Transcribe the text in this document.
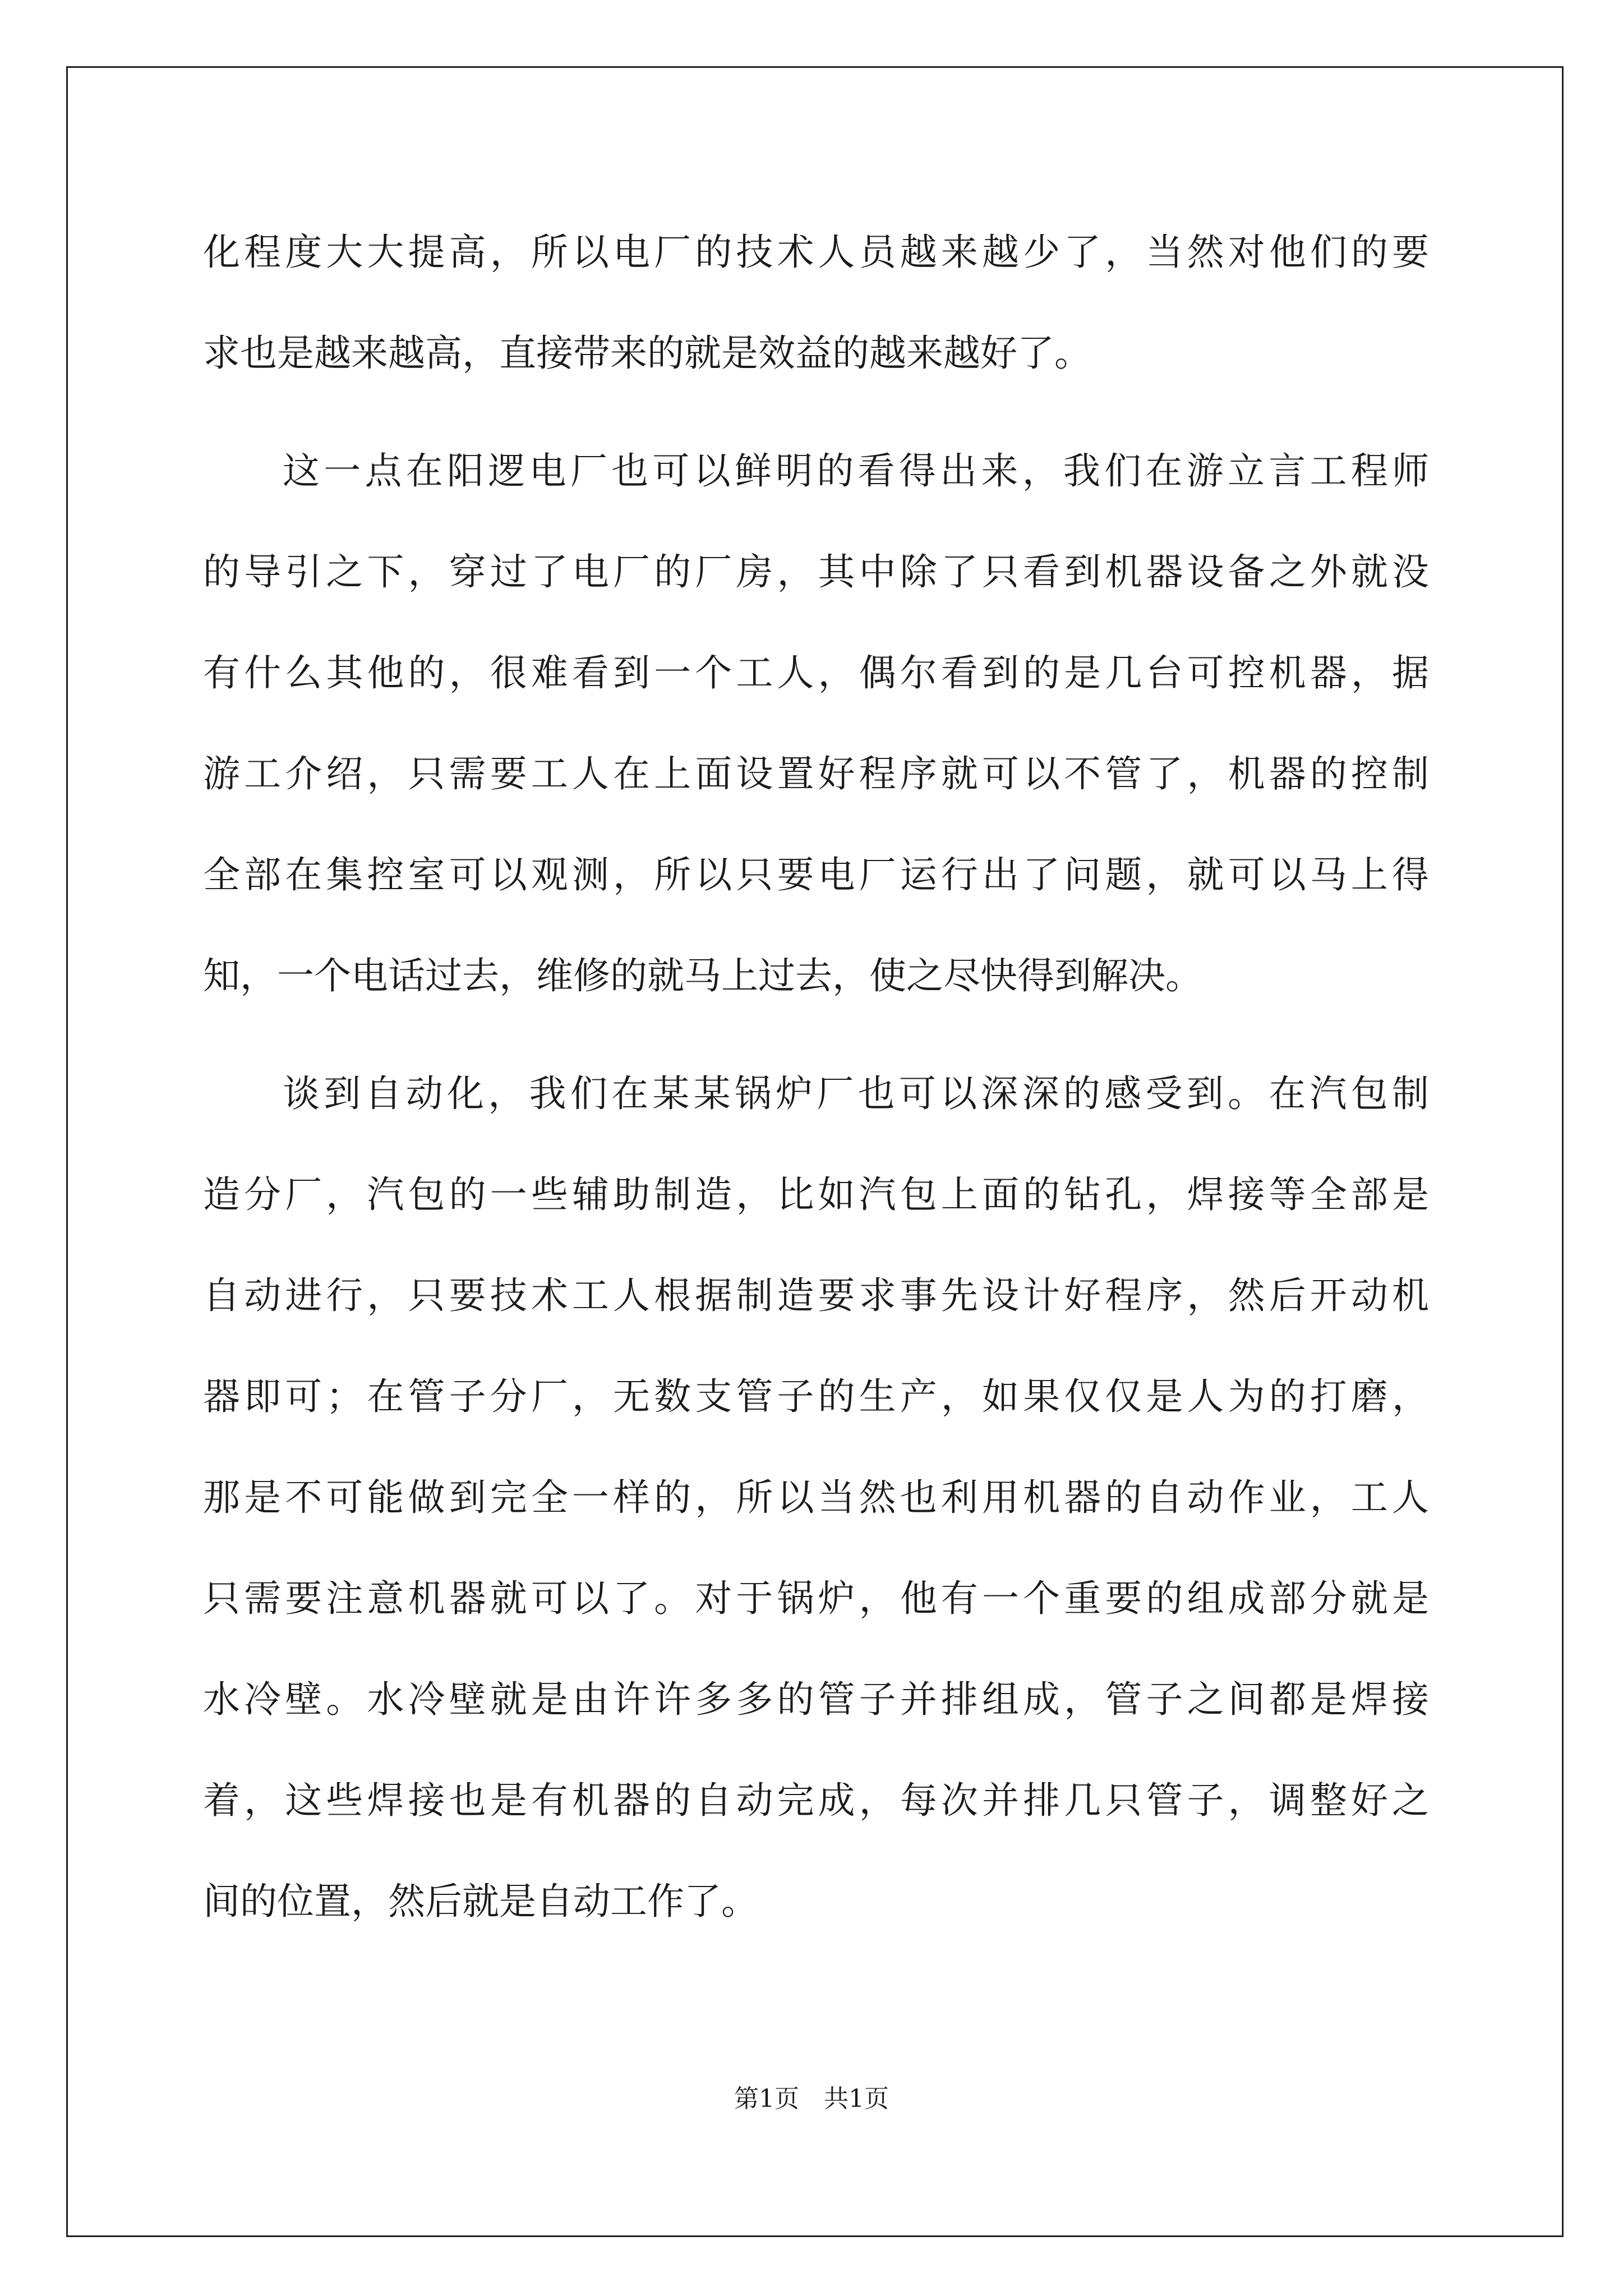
化程度大大提高，所以电厂的技术人员越来越少了，当然对他们的要
求也是越来越高，直接带来的就是效益的越来越好了。
这一点在阳逻电厂也可以鲜明的看得出来，我们在游立言工程师
的导引之下，穿过了电厂的厂房，其中除了只看到机器设备之外就没
有什么其他的，很难看到一个工人，偶尔看到的是几台可控机器，据
游工介绍，只需要工人在上面设置好程序就可以不管了，机器的控制
全部在集控室可以观测，所以只要电厂运行出了问题，就可以马上得
知，一个电话过去，维修的就马上过去，使之尽快得到解决。
谈到自动化，我们在某某锅炉厂也可以深深的感受到。在汽包制
造分厂，汽包的一些辅助制造，比如汽包上面的钻孔，焊接等全部是
自动进行，只要技术工人根据制造要求事先设计好程序，然后开动机
器即可；在管子分厂，无数支管子的生产，如果仅仅是人为的打磨，
那是不可能做到完全一样的，所以当然也利用机器的自动作业，工人
只需要注意机器就可以了。对于锅炉，他有一个重要的组成部分就是
水冷壁。水冷壁就是由许许多多的管子并排组成，管子之间都是焊接
着，这些焊接也是有机器的自动完成，每次并排几只管子，调整好之
间的位置，然后就是自动工作了。
第1页 共1页
